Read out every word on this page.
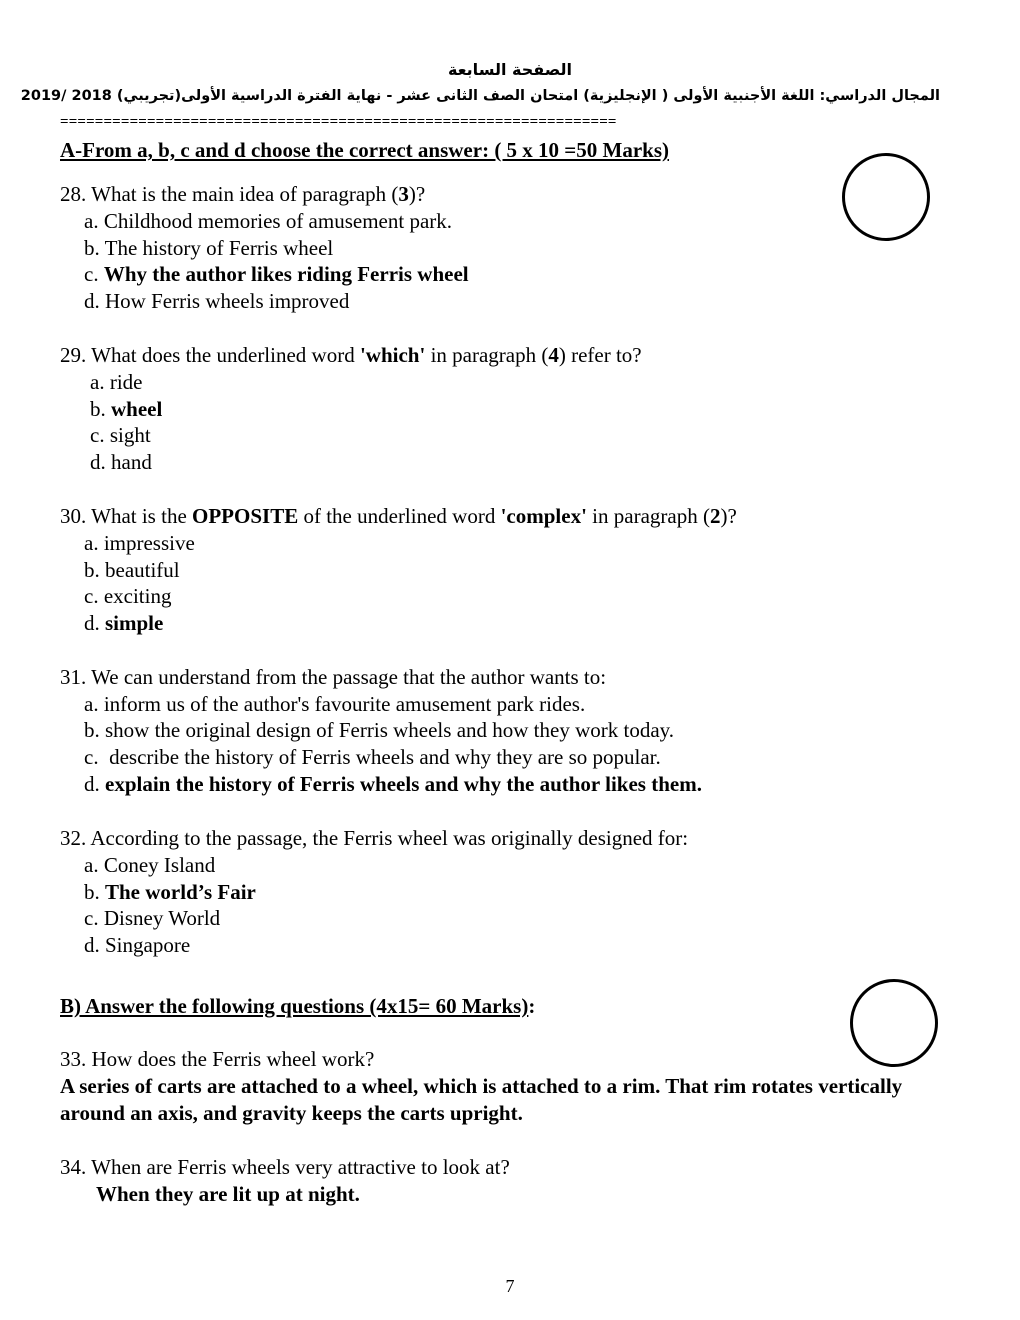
الصفحة السابعة
المجال الدراسي: اللغة الأجنبية الأولى ( الإنجليزية) امتحان الصف الثانى عشر - نهاية الفترة الدراسية الأولى(تجريبي) 2018 /2019
================================================================
A-From a, b, c and d choose the correct answer: ( 5 x 10 =50 Marks)
28. What is the main idea of paragraph (3)?
a. Childhood memories of amusement park.
b. The history of Ferris wheel
c. Why the author likes riding Ferris wheel
d. How Ferris wheels improved
29. What does the underlined word 'which' in paragraph (4) refer to?
a. ride
b. wheel
c. sight
d. hand
30. What is the OPPOSITE of the underlined word 'complex' in paragraph (2)?
a. impressive
b. beautiful
c. exciting
d. simple
31. We can understand from the passage that the author wants to:
a. inform us of the author's favourite amusement park rides.
b. show the original design of Ferris wheels and how they work today.
c. describe the history of Ferris wheels and why they are so popular.
d. explain the history of Ferris wheels and why the author likes them.
32. According to the passage, the Ferris wheel was originally designed for:
a. Coney Island
b. The world’s Fair
c. Disney World
d. Singapore
B) Answer the following questions (4x15= 60 Marks):
33. How does the Ferris wheel work?
A series of carts are attached to a wheel, which is attached to a rim. That rim rotates vertically around an axis, and gravity keeps the carts upright.
34. When are Ferris wheels very attractive to look at?
When they are lit up at night.
7
